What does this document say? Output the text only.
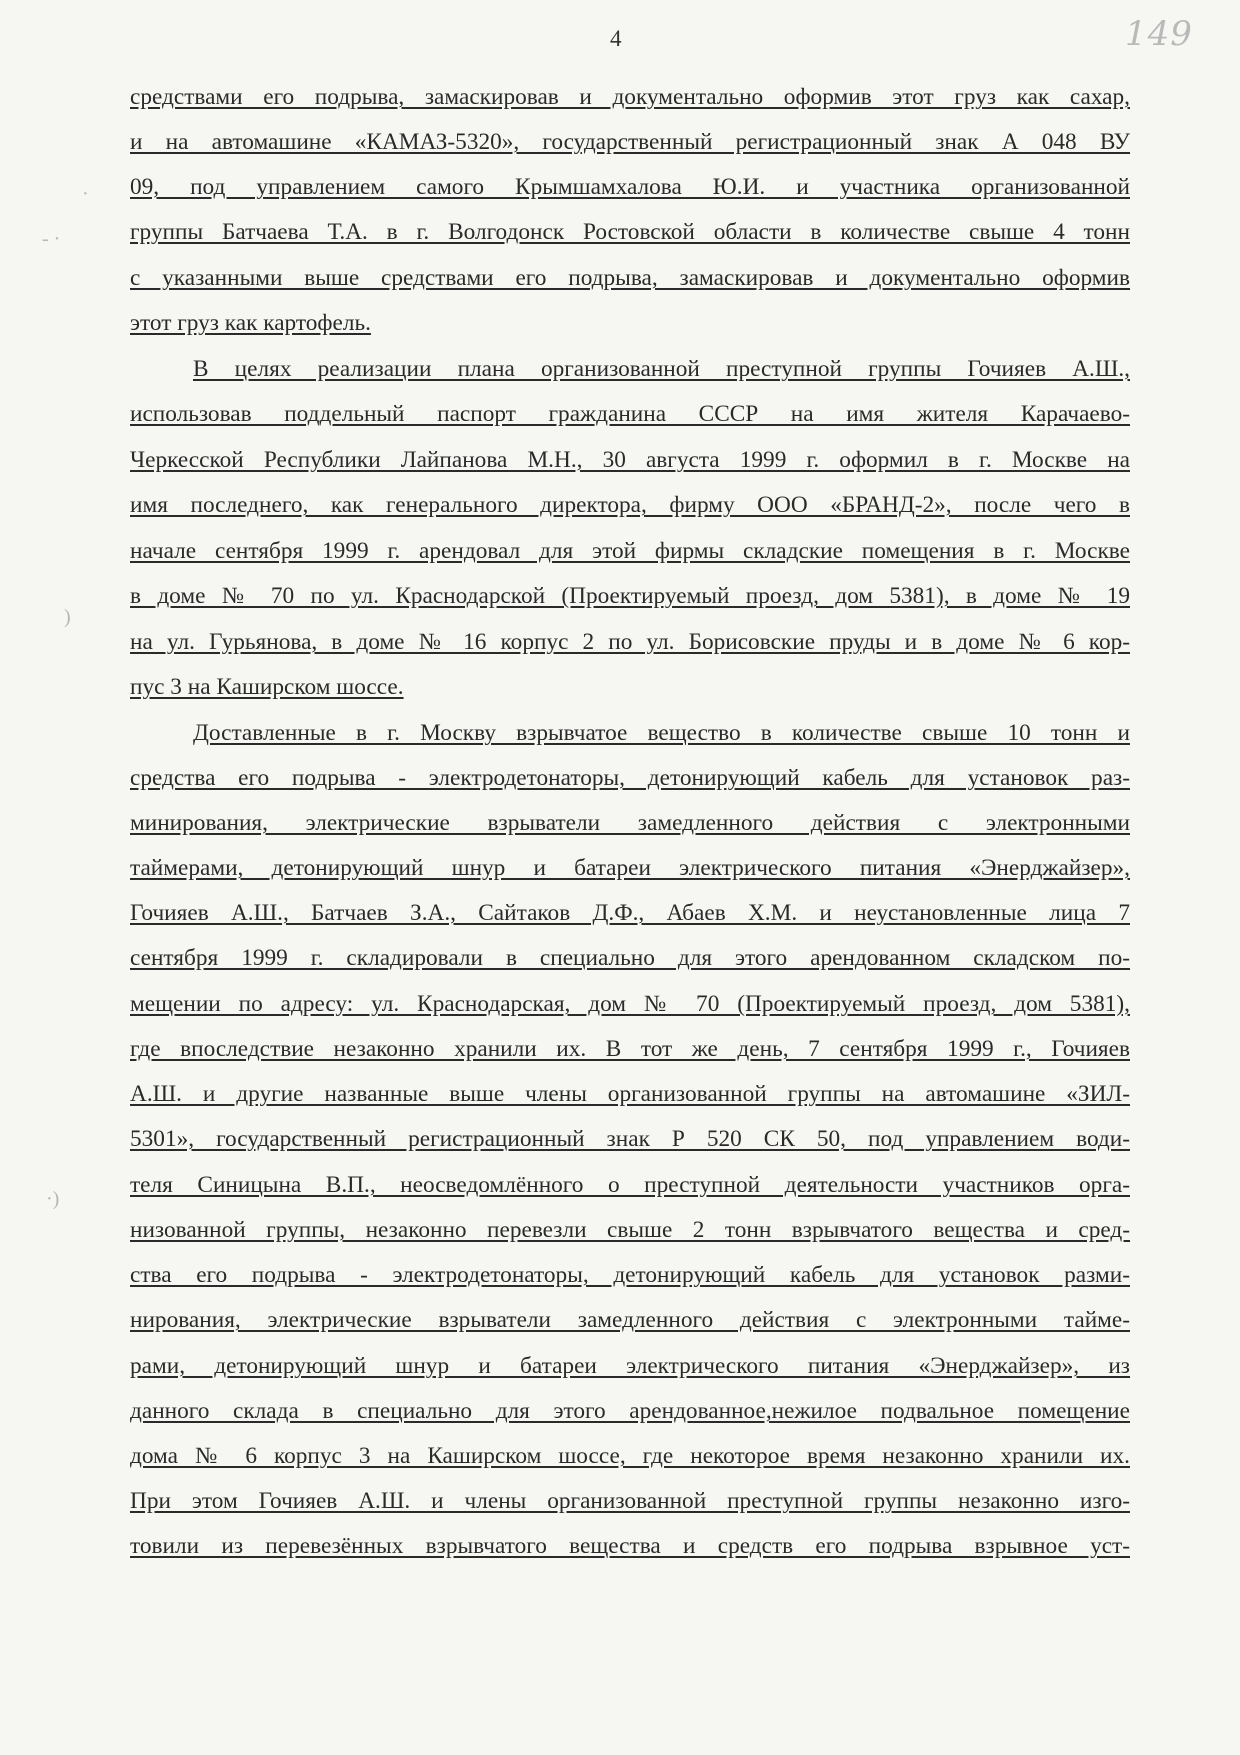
4	149
·
- ·
)
·)
средствами его подрыва, замаскировав и документально оформив этот груз как сахар,
и на автомашине «КАМАЗ-5320», государственный регистрационный знак А 048 ВУ
09, под управлением самого Крымшамхалова Ю.И. и участника организованной
группы Батчаева Т.А. в г. Волгодонск Ростовской области в количестве свыше 4 тонн
с указанными выше средствами его подрыва, замаскировав и документально оформив
этот груз как картофель.
В целях реализации плана организованной преступной группы Гочияев А.Ш.,
использовав поддельный паспорт гражданина СССР на имя жителя Карачаево-
Черкесской Республики Лайпанова М.Н., 30 августа 1999 г. оформил в г. Москве на
имя последнего, как генерального директора, фирму ООО «БРАНД-2», после чего в
начале сентября 1999 г. арендовал для этой фирмы складские помещения в г. Москве
в доме № 70 по ул. Краснодарской (Проектируемый проезд, дом 5381), в доме № 19
на ул. Гурьянова, в доме № 16 корпус 2 по ул. Борисовские пруды и в доме № 6 кор-
пус 3 на Каширском шоссе.
Доставленные в г. Москву взрывчатое вещество в количестве свыше 10 тонн и
средства его подрыва - электродетонаторы, детонирующий кабель для установок раз-
минирования, электрические взрыватели замедленного действия с электронными
таймерами, детонирующий шнур и батареи электрического питания «Энерджайзер»,
Гочияев А.Ш., Батчаев З.А., Сайтаков Д.Ф., Абаев Х.М. и неустановленные лица 7
сентября 1999 г. складировали в специально для этого арендованном складском по-
мещении по адресу: ул. Краснодарская, дом № 70 (Проектируемый проезд, дом 5381),
где впоследствие незаконно хранили их. В тот же день, 7 сентября 1999 г., Гочияев
А.Ш. и другие названные выше члены организованной группы на автомашине «ЗИЛ-
5301», государственный регистрационный знак Р 520 СК 50, под управлением води-
теля Синицына В.П., неосведомлённого о преступной деятельности участников орга-
низованной группы, незаконно перевезли свыше 2 тонн взрывчатого вещества и сред-
ства его подрыва - электродетонаторы, детонирующий кабель для установок разми-
нирования, электрические взрыватели замедленного действия с электронными тайме-
рами, детонирующий шнур и батареи электрического питания «Энерджайзер», из
данного склада в специально для этого арендованное,нежилое подвальное помещение
дома № 6 корпус 3 на Каширском шоссе, где некоторое время незаконно хранили их.
При этом Гочияев А.Ш. и члены организованной преступной группы незаконно изго-
товили из перевезённых взрывчатого вещества и средств его подрыва взрывное уст-
